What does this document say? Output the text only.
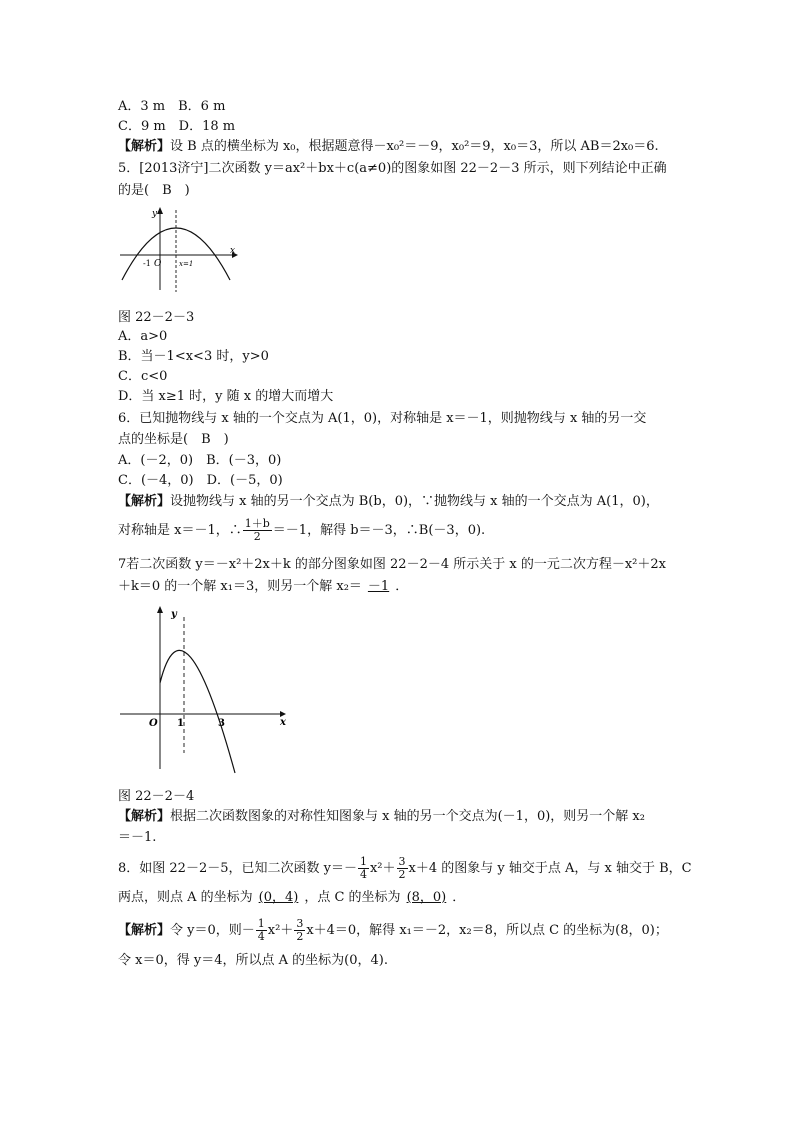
A．3 m　B．6 m
C．9 m　D．18 m
【解析】设 B 点的横坐标为 x₀，根据题意得－x₀²＝－9，x₀²＝9，x₀＝3，所以 AB＝2x₀＝6.
5．[2013济宁]二次函数 y＝ax²＋bx＋c(a≠0)的图象如图 22－2－3 所示，则下列结论中正确
的是(　B　)
y
x
-1 O	x=1
图 22－2－3
A．a>0
B．当－1<x<3 时，y>0
C．c<0
D．当 x≥1 时，y 随 x 的增大而增大
6．已知抛物线与 x 轴的一个交点为 A(1，0)，对称轴是 x＝－1，则抛物线与 x 轴的另一交
点的坐标是(　B　)
A．(－2，0)　B．(－3，0)
C．(－4，0)　D．(－5，0)
【解析】设抛物线与 x 轴的另一个交点为 B(b，0)，∵抛物线与 x 轴的一个交点为 A(1，0)，
对称轴是 x＝－1，∴ $\frac{1+b}{2} =-1$，解得 b＝－3，∴B(－3，0).
7若二次函数 y＝－x²＋2x＋k 的部分图象如图 22－2－4 所示关于 x 的一元二次方程－x²＋2x
＋k＝0 的一个解 x₁＝3，则另一个解 x₂＝ －1 ．
y
x
O 1	3
图 22－2－4
【解析】根据二次函数图象的对称性知图象与 x 轴的另一个交点为(－1，0)，则另一个解 x₂
＝－1.
8．如图 22－2－5，已知二次函数 $y=- \frac{1}{4} x^2+ \frac{3}{2} x+4$ 的图象与 y 轴交于点 A，与 x 轴交于 B，C
两点，则点 A 的坐标为 (0，4) ，点 C 的坐标为 (8，0) ．
【解析】令 y＝0，则－ $\frac{1}{4} x^2+ \frac{3}{2} x+4=0$，解得 x₁＝－2，x₂＝8，所以点 C 的坐标为(8，0)；
令 x＝0，得 y＝4，所以点 A 的坐标为(0，4).
